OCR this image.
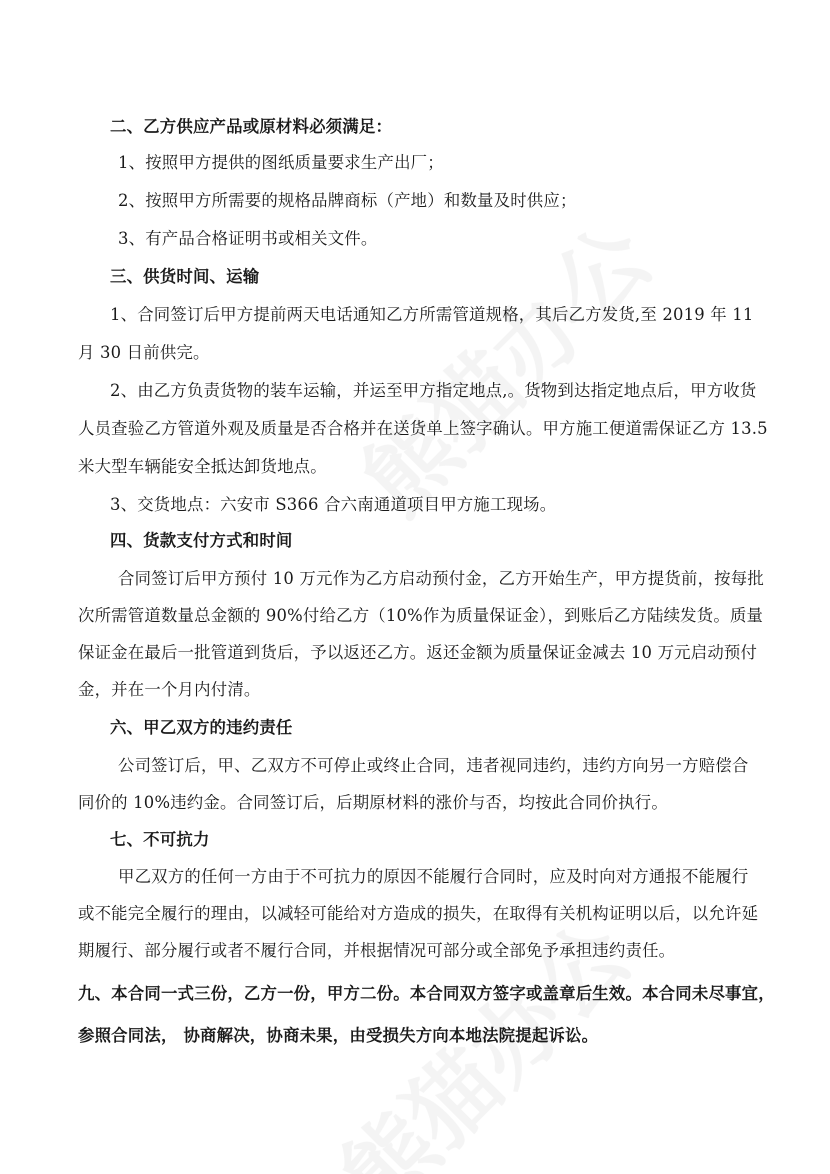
二、乙方供应产品或原材料必须满足：
1、按照甲方提供的图纸质量要求生产出厂；
2、按照甲方所需要的规格品牌商标（产地）和数量及时供应；
3、有产品合格证明书或相关文件。
三、供货时间、运输
1、合同签订后甲方提前两天电话通知乙方所需管道规格，其后乙方发货,至 2019 年 11
月 30 日前供完。
2、由乙方负责货物的装车运输，并运至甲方指定地点,。货物到达指定地点后，甲方收货
人员查验乙方管道外观及质量是否合格并在送货单上签字确认。甲方施工便道需保证乙方 13.5
米大型车辆能安全抵达卸货地点。
3、交货地点：六安市 S366 合六南通道项目甲方施工现场。
四、货款支付方式和时间
合同签订后甲方预付 10 万元作为乙方启动预付金，乙方开始生产，甲方提货前，按每批
次所需管道数量总金额的 90%付给乙方（10%作为质量保证金），到账后乙方陆续发货。质量
保证金在最后一批管道到货后，予以返还乙方。返还金额为质量保证金减去 10 万元启动预付
金，并在一个月内付清。
六、甲乙双方的违约责任
公司签订后，甲、乙双方不可停止或终止合同，违者视同违约，违约方向另一方赔偿合
同价的 10%违约金。合同签订后，后期原材料的涨价与否，均按此合同价执行。
七、不可抗力
甲乙双方的任何一方由于不可抗力的原因不能履行合同时，应及时向对方通报不能履行
或不能完全履行的理由，以减轻可能给对方造成的损失，在取得有关机构证明以后，以允许延
期履行、部分履行或者不履行合同，并根据情况可部分或全部免予承担违约责任。
九、本合同一式三份，乙方一份，甲方二份。本合同双方签字或盖章后生效。本合同未尽事宜，
参照合同法， 协商解决，协商未果，由受损失方向本地法院提起诉讼。
